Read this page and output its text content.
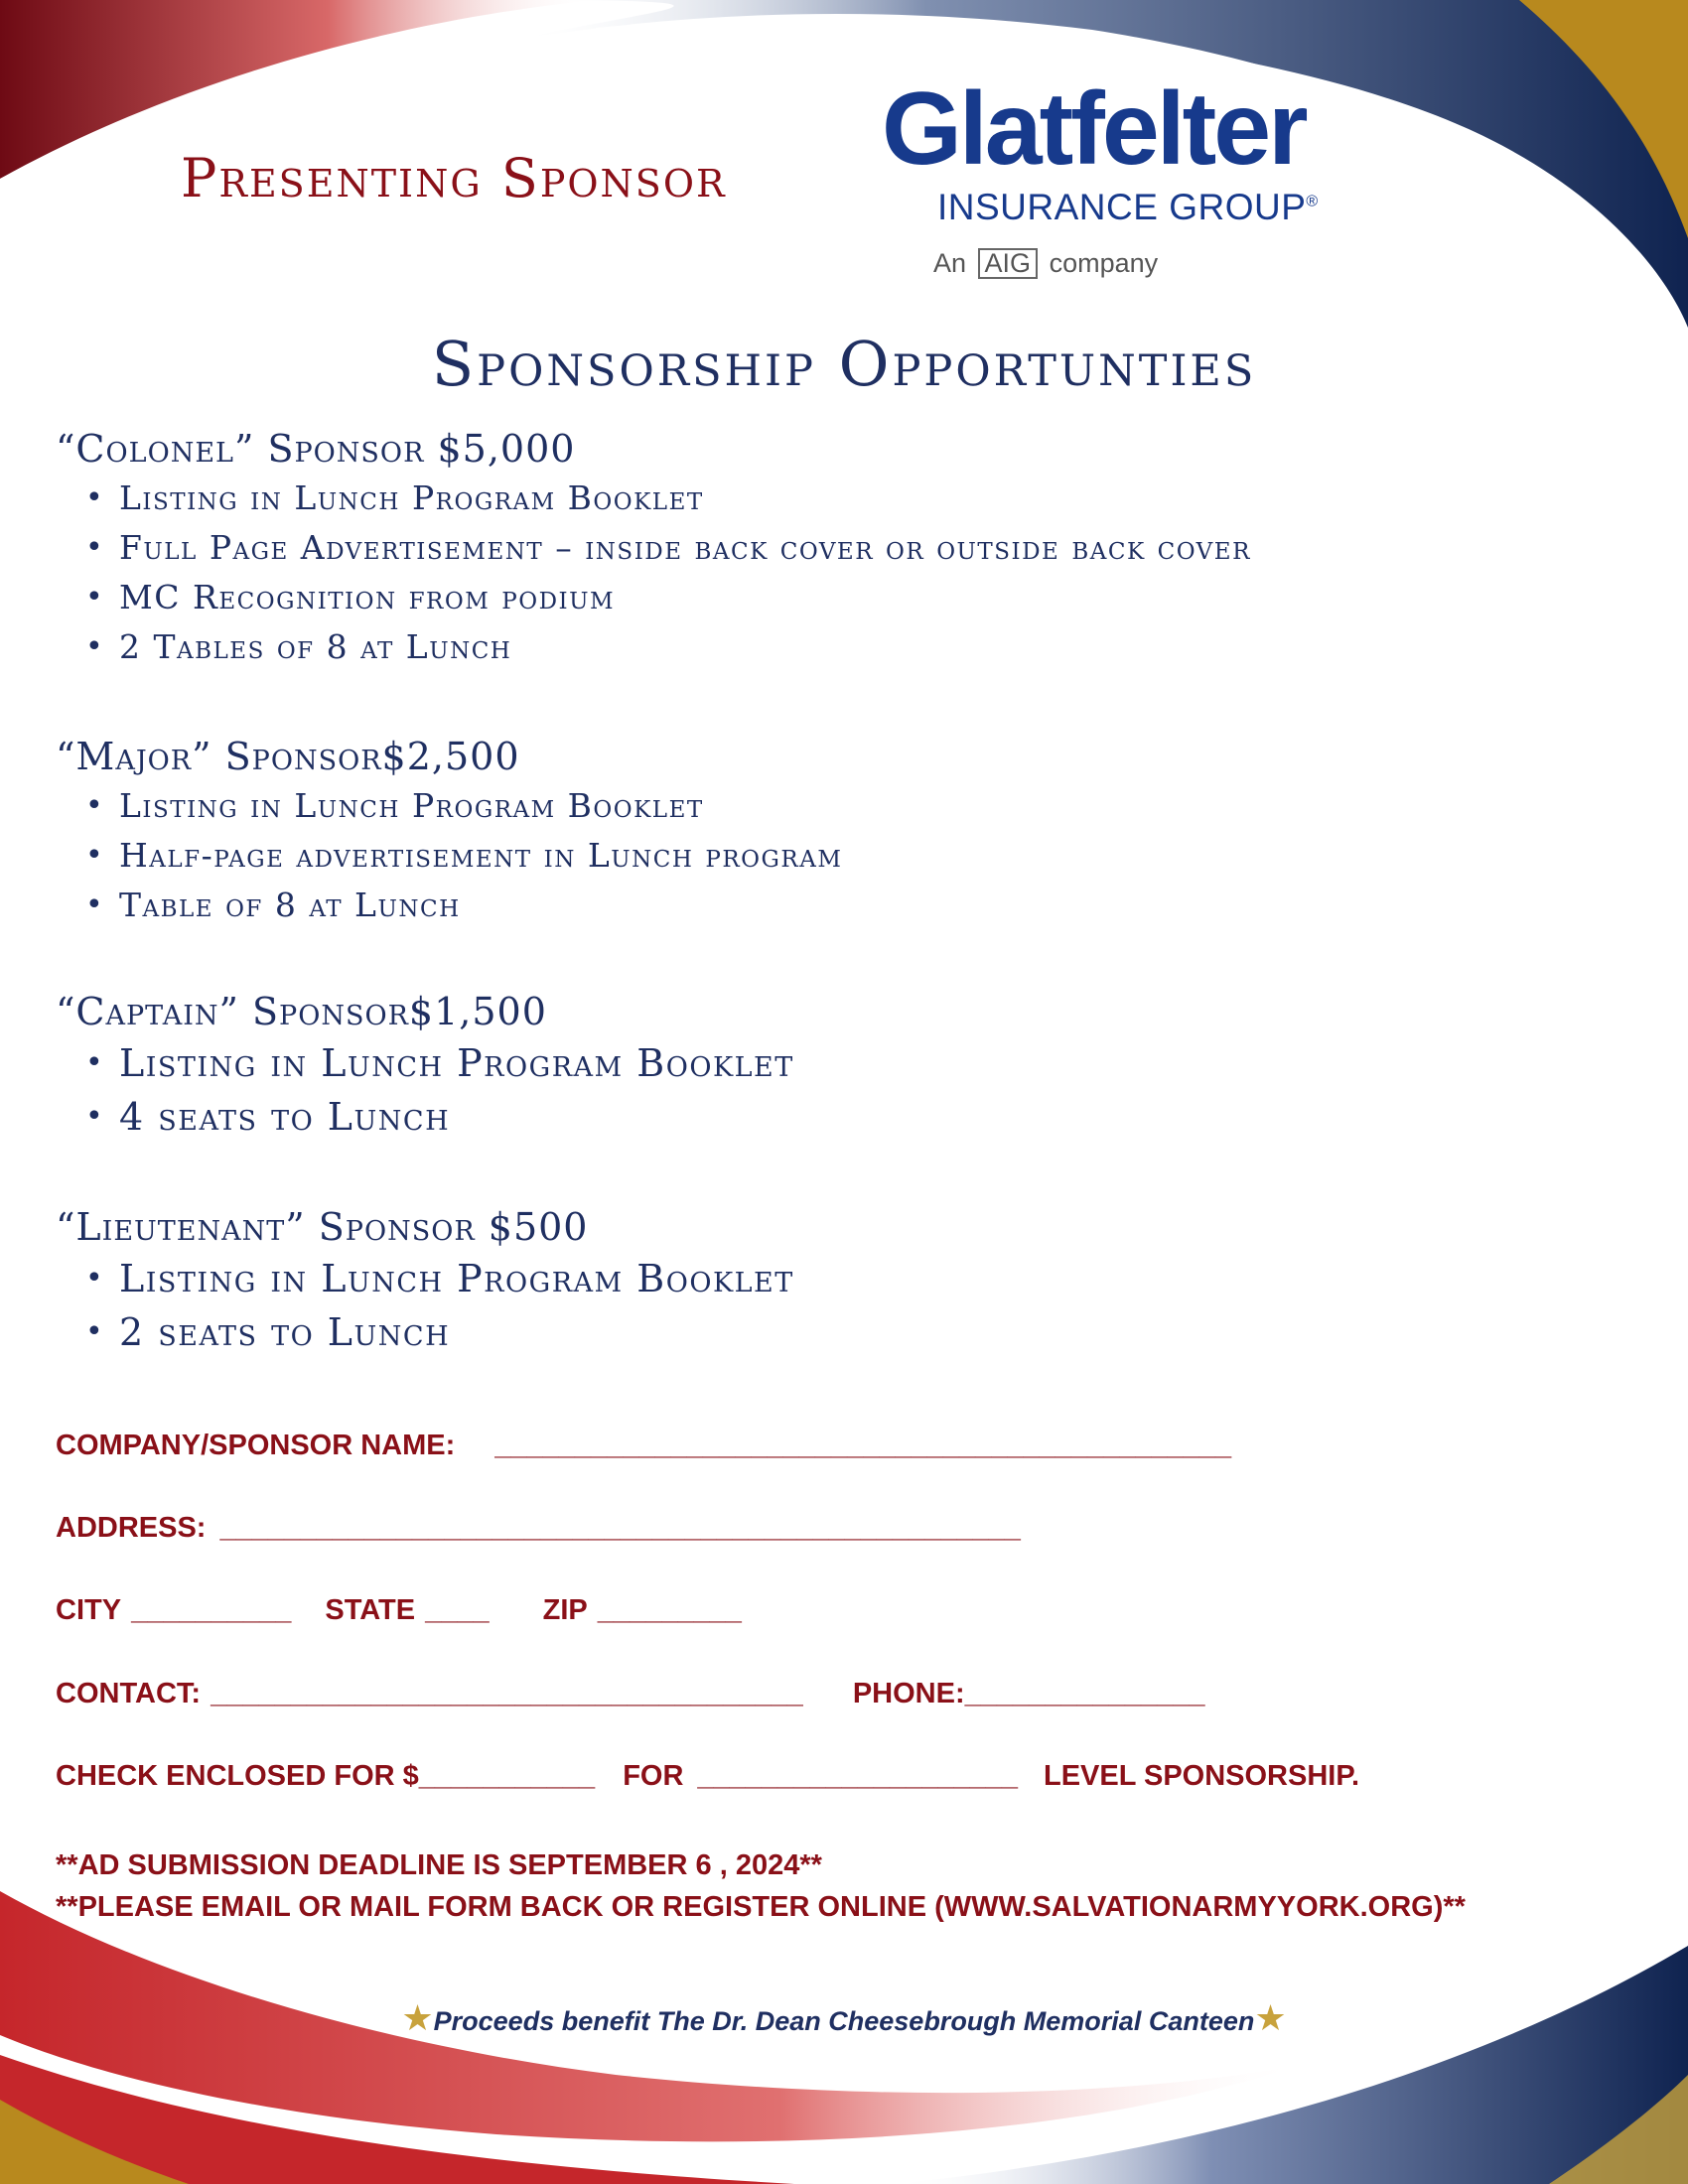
Presenting Sponsor Glatfelter
INSURANCE GROUP®
An AIG company
Sponsorship Opportunties
“Colonel” Sponsor $5,000
• Listing in Lunch Program Booklet
• Full Page Advertisement – inside back cover or outside back cover
• MC Recognition from podium
• 2 Tables of 8 at Lunch
“Major” Sponsor$2,500
• Listing in Lunch Program Booklet
• Half-page advertisement in Lunch program
• Table of 8 at Lunch
“Captain” Sponsor$1,500
• Listing in Lunch Program Booklet
• 4 seats to Lunch
“Lieutenant” Sponsor $500
• Listing in Lunch Program Booklet
• 2 seats to Lunch
COMPANY/SPONSOR NAME: ______________________________________________
ADDRESS: __________________________________________________
CITY __________ STATE ____ ZIP _________
CONTACT: _____________________________________ PHONE:_______________
CHECK ENCLOSED FOR $___________ FOR ____________________ LEVEL SPONSORSHIP.
**AD SUBMISSION DEADLINE IS SEPTEMBER 6 , 2024**
**PLEASE EMAIL OR MAIL FORM BACK OR REGISTER ONLINE (WWW.SALVATIONARMYYORK.ORG)**
★Proceeds benefit The Dr. Dean Cheesebrough Memorial Canteen★
